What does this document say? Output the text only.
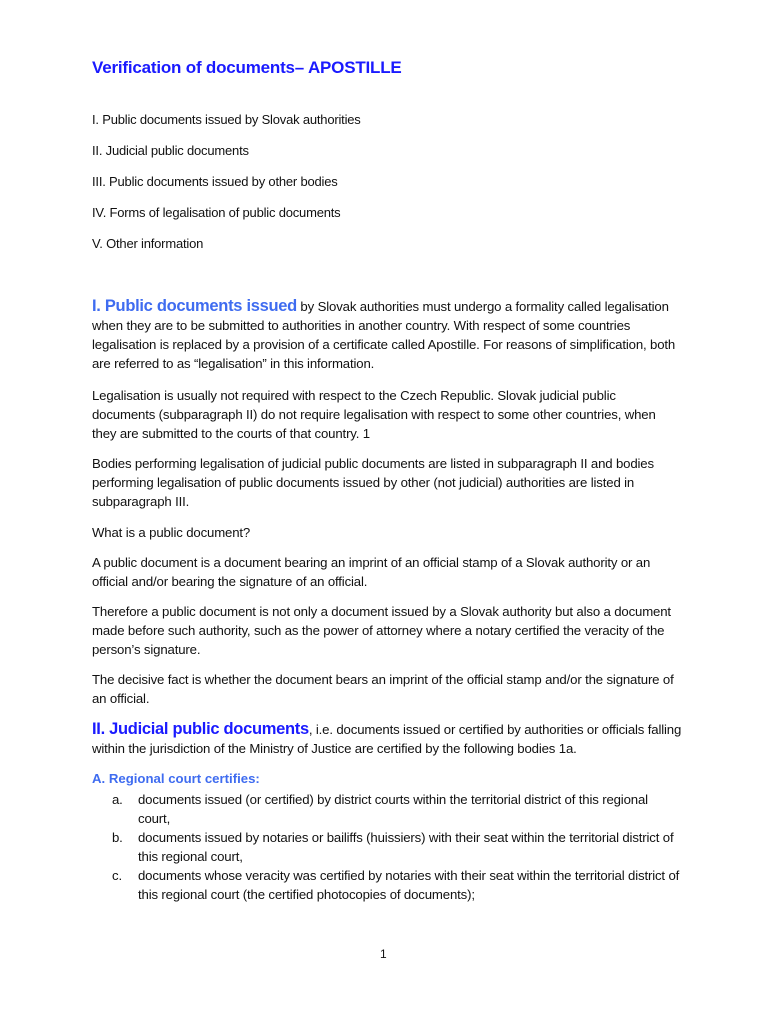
Verification of documents– APOSTILLE
I. Public documents issued by Slovak authorities
II. Judicial public documents
III. Public documents issued by other bodies
IV. Forms of legalisation of public documents
V. Other information
I. Public documents issued by Slovak authorities must undergo a formality called legalisation when they are to be submitted to authorities in another country. With respect of some countries legalisation is replaced by a provision of a certificate called Apostille. For reasons of simplification, both are referred to as “legalisation” in this information.
Legalisation is usually not required with respect to the Czech Republic. Slovak judicial public documents (subparagraph II) do not require legalisation with respect to some other countries, when they are submitted to the courts of that country. 1
Bodies performing legalisation of judicial public documents are listed in subparagraph II and bodies performing legalisation of public documents issued by other (not judicial) authorities are listed in subparagraph III.
What is a public document?
A public document is a document bearing an imprint of an official stamp of a Slovak authority or an official and/or bearing the signature of an official.
Therefore a public document is not only a document issued by a Slovak authority but also a document made before such authority, such as the power of attorney where a notary certified the veracity of the person’s signature.
The decisive fact is whether the document bears an imprint of the official stamp and/or the signature of an official.
II. Judicial public documents, i.e. documents issued or certified by authorities or officials falling within the jurisdiction of the Ministry of Justice are certified by the following bodies 1a.
A. Regional court certifies:
a. documents issued (or certified) by district courts within the territorial district of this regional court,
b. documents issued by notaries or bailiffs (huissiers) with their seat within the territorial district of this regional court,
c. documents whose veracity was certified by notaries with their seat within the territorial district of this regional court (the certified photocopies of documents);
1
